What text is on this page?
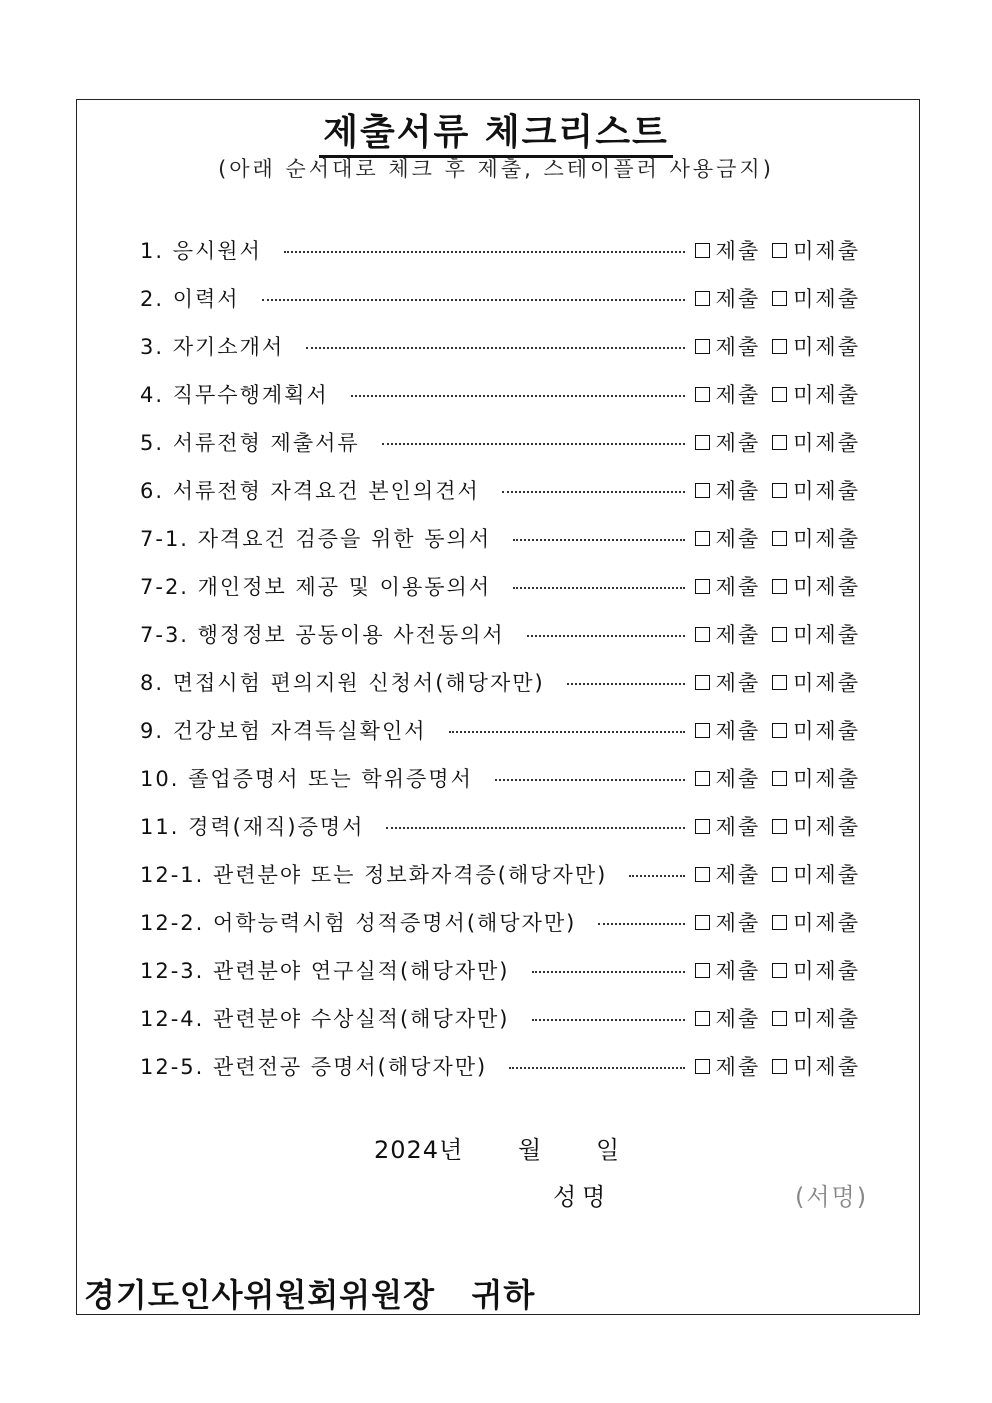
제출서류 체크리스트
(아래 순서대로 체크 후 제출, 스테이플러 사용금지)
1. 응시원서	제출 미제출
2. 이력서	제출 미제출
3. 자기소개서	제출 미제출
4. 직무수행계획서	제출 미제출
5. 서류전형 제출서류	제출 미제출
6. 서류전형 자격요건 본인의견서	제출 미제출
7-1. 자격요건 검증을 위한 동의서	제출 미제출
7-2. 개인정보 제공 및 이용동의서	제출 미제출
7-3. 행정정보 공동이용 사전동의서	제출 미제출
8. 면접시험 편의지원 신청서(해당자만)	제출 미제출
9. 건강보험 자격득실확인서	제출 미제출
10. 졸업증명서 또는 학위증명서	제출 미제출
11. 경력(재직)증명서	제출 미제출
12-1. 관련분야 또는 정보화자격증(해당자만)	제출 미제출
12-2. 어학능력시험 성적증명서(해당자만)	제출 미제출
12-3. 관련분야 연구실적(해당자만)	제출 미제출
12-4. 관련분야 수상실적(해당자만)	제출 미제출
12-5. 관련전공 증명서(해당자만)	제출 미제출
2024년 월 일
성명	(서명)
경기도인사위원회위원장   귀하
